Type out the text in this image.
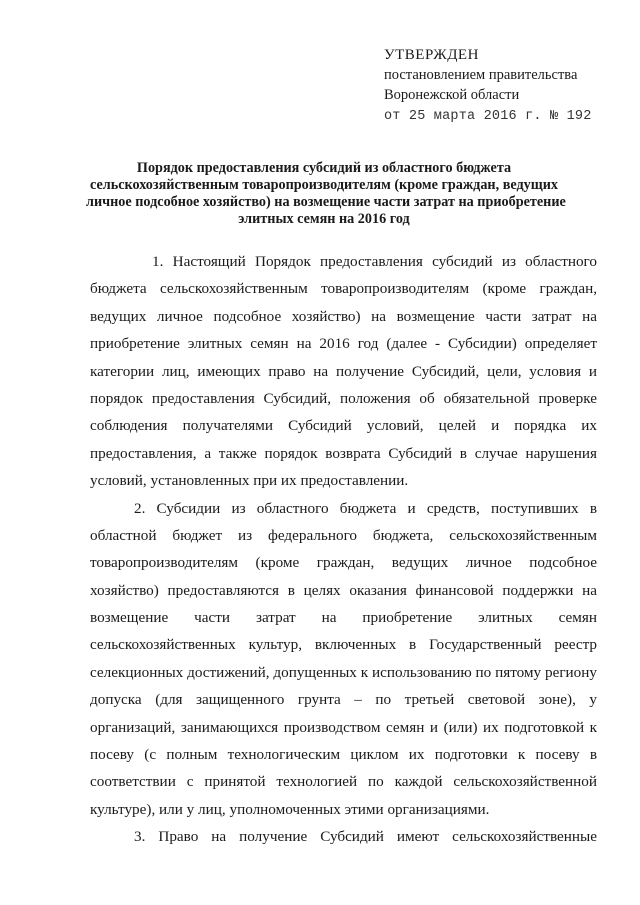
УТВЕРЖДЕН
постановлением правительства
Воронежской области
от 25 марта 2016 г. № 192
Порядок предоставления субсидий из областного бюджета
сельскохозяйственным товаропроизводителям (кроме граждан, ведущих
личное подсобное хозяйство) на возмещение части затрат на приобретение
элитных семян на 2016 год
1. Настоящий Порядок предоставления субсидий из областного
бюджета сельскохозяйственным товаропроизводителям (кроме граждан,
ведущих личное подсобное хозяйство) на возмещение части затрат на
приобретение элитных семян на 2016 год (далее - Субсидии) определяет
категории лиц, имеющих право на получение Субсидий, цели, условия и
порядок предоставления Субсидий, положения об обязательной проверке
соблюдения получателями Субсидий условий, целей и порядка их
предоставления, а также порядок возврата Субсидий в случае нарушения
условий, установленных при их предоставлении.
2. Субсидии из областного бюджета и средств, поступивших в
областной бюджет из федерального бюджета, сельскохозяйственным
товаропроизводителям (кроме граждан, ведущих личное подсобное
хозяйство) предоставляются в целях оказания финансовой поддержки на
возмещение части затрат на приобретение элитных семян
сельскохозяйственных культур, включенных в Государственный реестр
селекционных достижений, допущенных к использованию по пятому региону
допуска (для защищенного грунта – по третьей световой зоне), у
организаций, занимающихся производством семян и (или) их подготовкой к
посеву (с полным технологическим циклом их подготовки к посеву в
соответствии с принятой технологией по каждой сельскохозяйственной
культуре), или у лиц, уполномоченных этими организациями.
3. Право на получение Субсидий имеют сельскохозяйственные
